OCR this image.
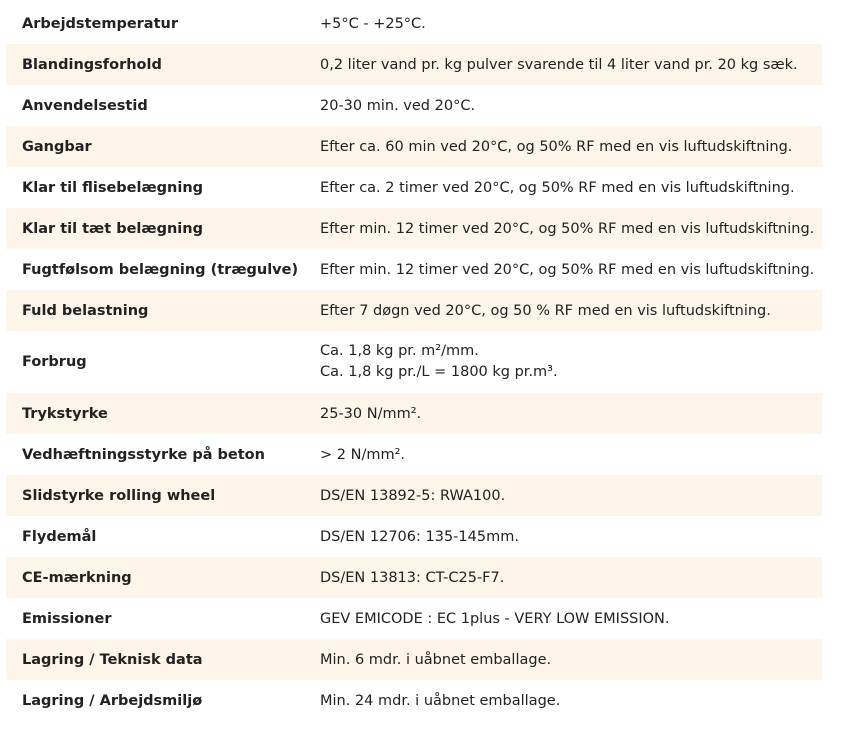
Arbejdstemperatur	+5°C - +25°C.
Blandingsforhold	0,2 liter vand pr. kg pulver svarende til 4 liter vand pr. 20 kg sæk.
Anvendelsestid	20-30 min. ved 20°C.
Gangbar	Efter ca. 60 min ved 20°C, og 50% RF med en vis luftudskiftning.
Klar til flisebelægning	Efter ca. 2 timer ved 20°C, og 50% RF med en vis luftudskiftning.
Klar til tæt belægning	Efter min. 12 timer ved 20°C, og 50% RF med en vis luftudskiftning.
Fugtfølsom belægning (trægulve)	Efter min. 12 timer ved 20°C, og 50% RF med en vis luftudskiftning.
Fuld belastning	Efter 7 døgn ved 20°C, og 50 % RF med en vis luftudskiftning.
Forbrug	Ca. 1,8 kg pr. m²/mm.
Ca. 1,8 kg pr./L = 1800 kg pr.m³.

Trykstyrke	25-30 N/mm².
Vedhæftningsstyrke på beton	> 2 N/mm².
Slidstyrke rolling wheel	DS/EN 13892-5: RWA100.
Flydemål	DS/EN 12706: 135-145mm.
CE-mærkning	DS/EN 13813: CT-C25-F7.
Emissioner	GEV EMICODE : EC 1plus - VERY LOW EMISSION.
Lagring / Teknisk data	Min. 6 mdr. i uåbnet emballage.
Lagring / Arbejdsmiljø	Min. 24 mdr. i uåbnet emballage.
